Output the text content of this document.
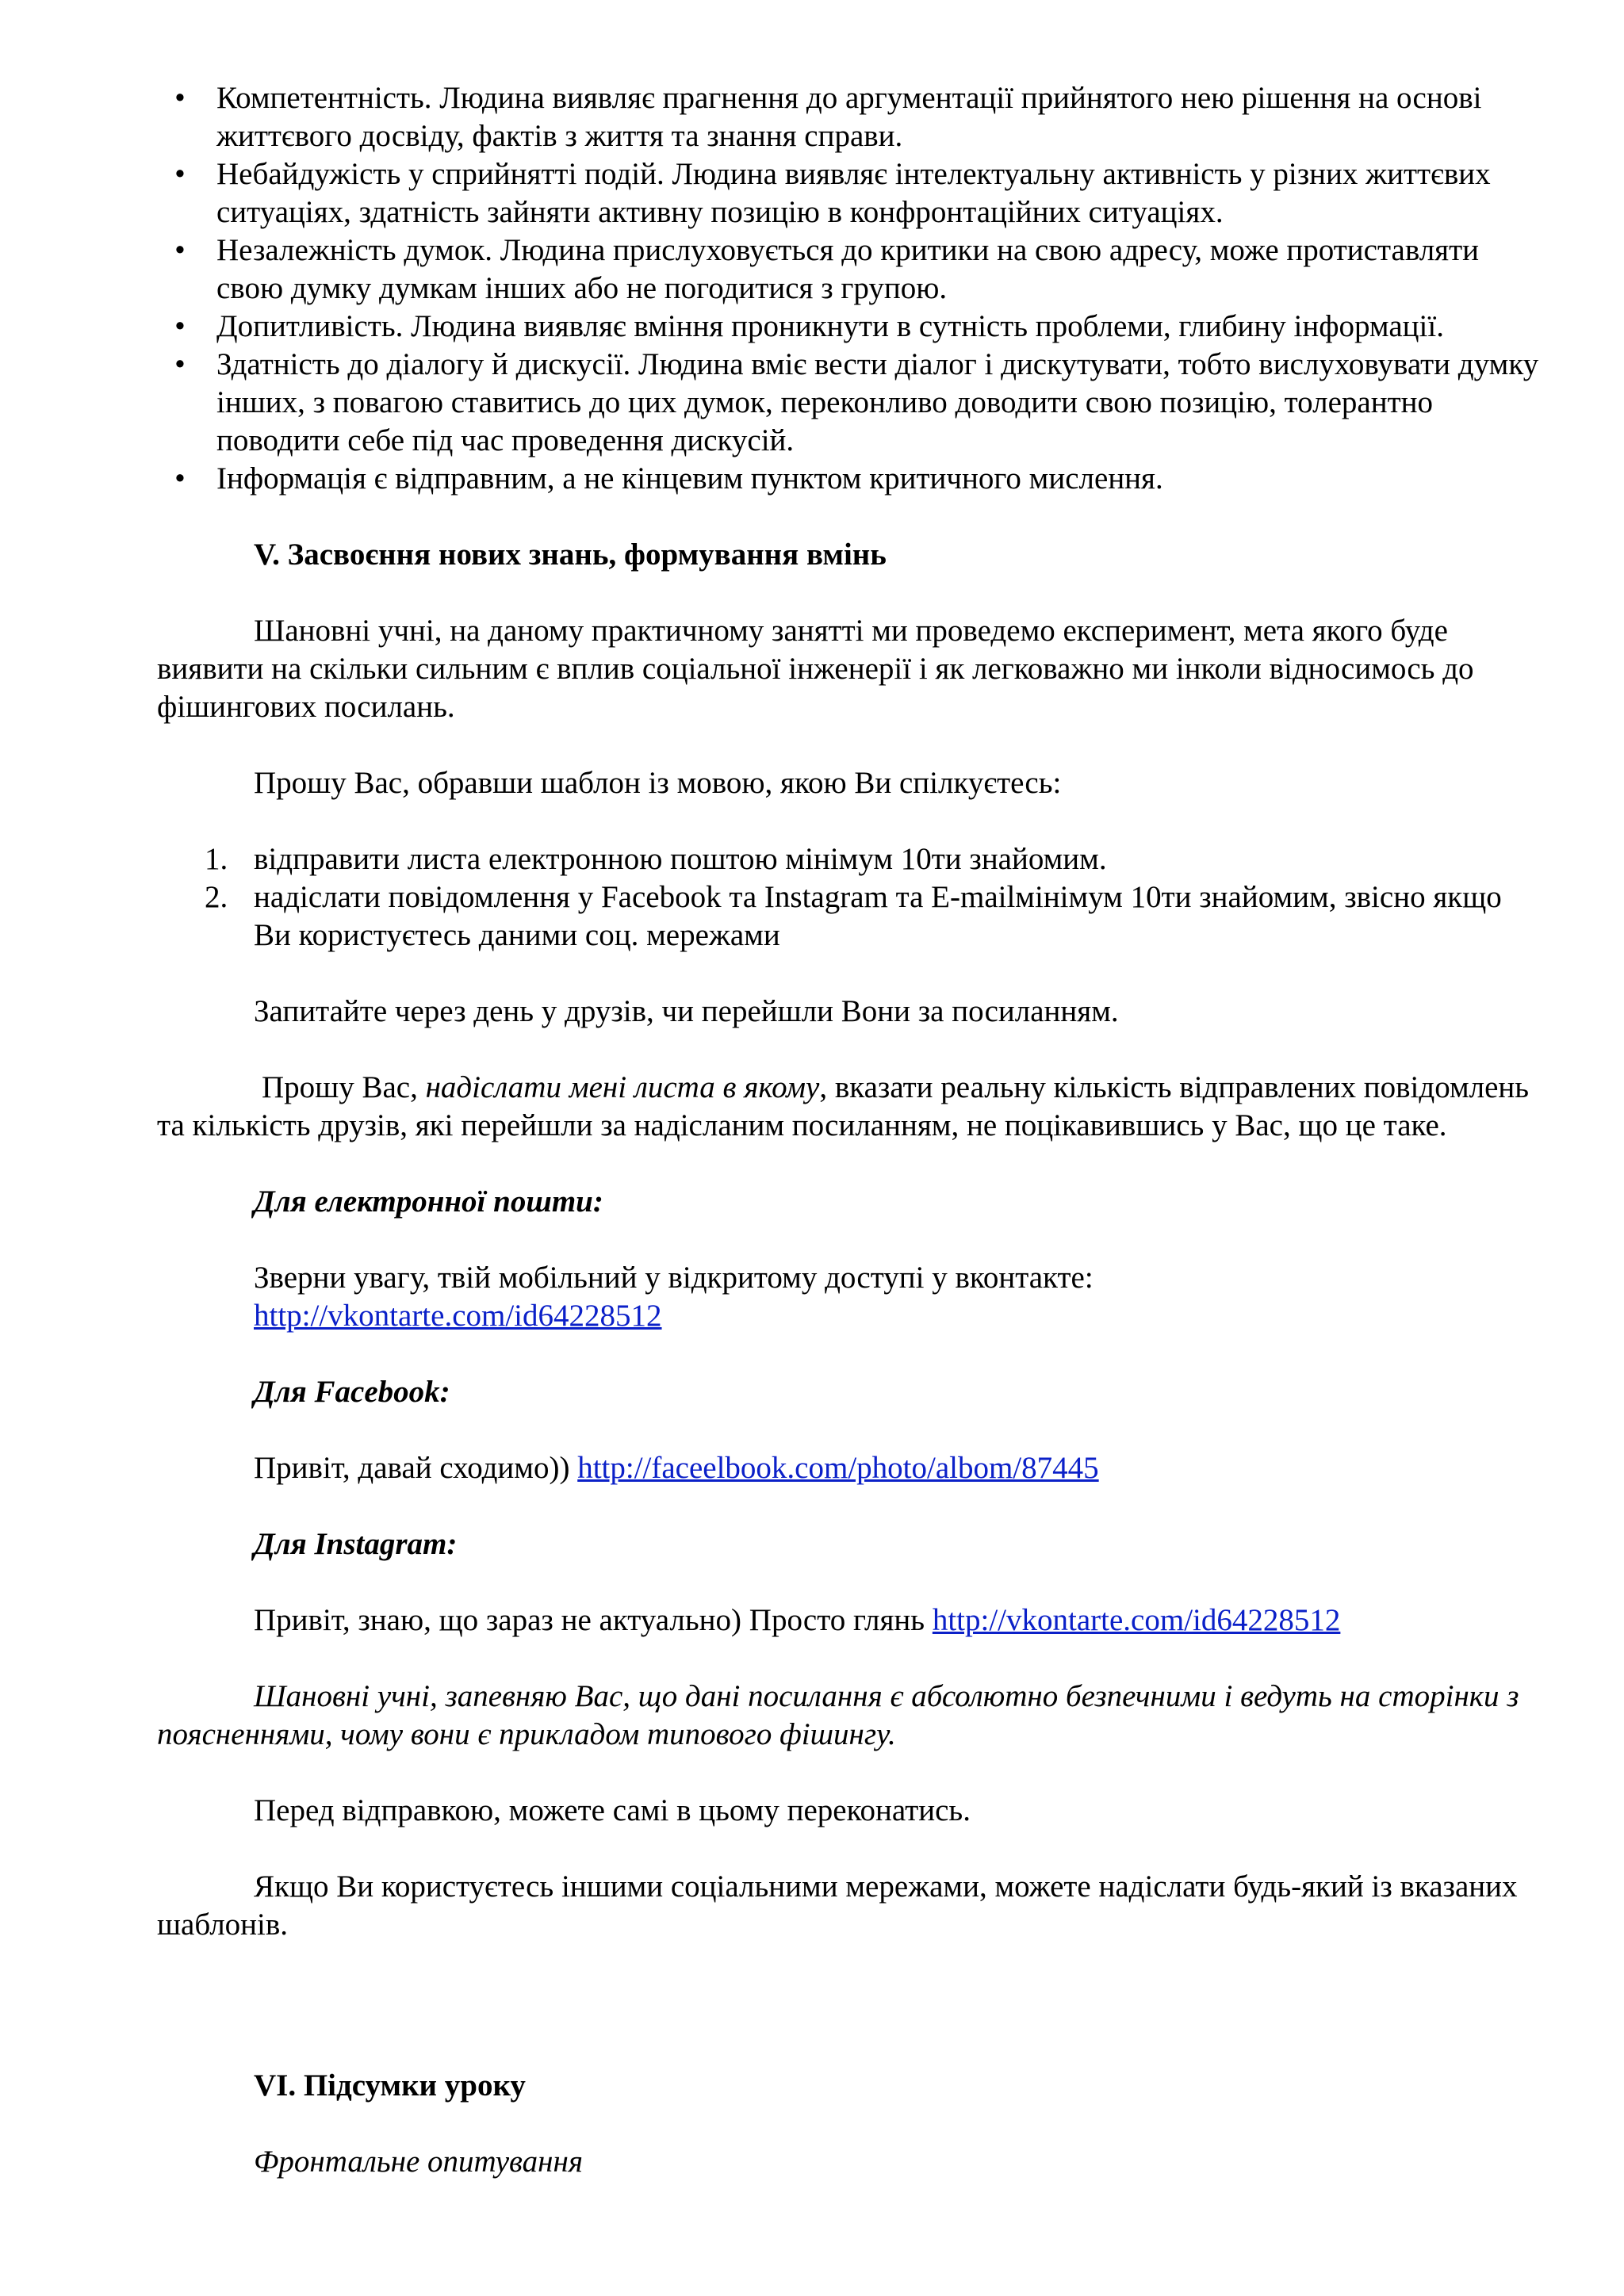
• Компетентність. Людина виявляє прагнення до аргументації прийнятого нею рішення на основі життєвого досвіду, фактів з життя та знання справи.
• Небайдужість у сприйнятті подій. Людина виявляє інтелектуальну активність у різних життєвих ситуаціях, здатність зайняти активну позицію в конфронтаційних ситуаціях.
• Незалежність думок. Людина прислуховується до критики на свою адресу, може протиставляти свою думку думкам інших або не погодитися з групою.
• Допитливість. Людина виявляє вміння проникнути в сутність проблеми, глибину інформації.
• Здатність до діалогу й дискусії. Людина вміє вести діалог і дискутувати, тобто вислуховувати думку інших, з повагою ставитись до цих думок, переконливо доводити свою позицію, толерантно поводити себе під час проведення дискусій.
• Інформація є відправним, а не кінцевим пунктом критичного мислення.
V. Засвоєння нових знань, формування вмінь
Шановні учні, на даному практичному занятті ми проведемо експеримент, мета якого буде виявити на скільки сильним є вплив соціальної інженерії і як легковажно ми інколи відносимось до фішингових посилань.
Прошу Вас, обравши шаблон із мовою, якою Ви спілкуєтесь:
1. відправити листа електронною поштою мінімум 10ти знайомим.
2. надіслати повідомлення у Facebook та Instagram та E-mailмінімум 10ти знайомим, звісно якщо Ви користуєтесь даними соц. мережами
Запитайте через день у друзів, чи перейшли Вони за посиланням.
Прошу Вас, надіслати мені листа в якому, вказати реальну кількість відправлених повідомлень та кількість друзів, які перейшли за надісланим посиланням, не поцікавившись у Вас, що це таке.
Для електронної пошти:
Зверни увагу, твій мобільний у відкритому доступі у вконтакте: http://vkontarte.com/id64228512
Для Facebook:
Привіт, давай сходимо)) http://faceelbook.com/photo/albom/87445
Для Instagram:
Привіт, знаю, що зараз не актуально) Просто глянь http://vkontarte.com/id64228512
Шановні учні, запевняю Вас, що дані посилання є абсолютно безпечними і ведуть на сторінки з поясненнями, чому вони є прикладом типового фішингу.
Перед відправкою, можете самі в цьому переконатись.
Якщо Ви користуєтесь іншими соціальними мережами, можете надіслати будь-який із вказаних шаблонів.
VI. Підсумки уроку
Фронтальне опитування
